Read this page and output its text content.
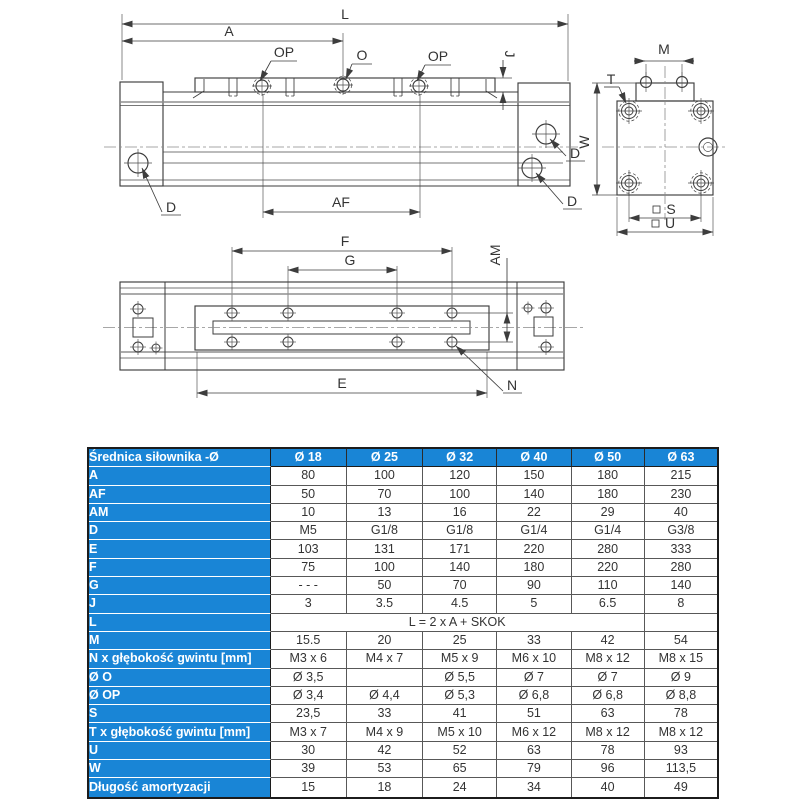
L
A
OP	O	OP	J
D
D
D
AF
M
T
W
S
U
F
G	AM
E	N
Średnica siłownika -Ø	Ø 18	Ø 25	Ø 32	Ø 40	Ø 50	Ø 63
A	80	100	120	150	180	215
AF	50	70	100	140	180	230
AM	10	13	16	22	29	40
D	M5	G1/8	G1/8	G1/4	G1/4	G3/8
E	103	131	171	220	280	333
F	75	100	140	180	220	280
G	- - -	50	70	90	110	140
J	3	3.5	4.5	5	6.5	8
L	L = 2 x A + SKOK					
M	15.5	20	25	33	42	54
N x głębokość gwintu [mm]	M3 x 6	M4 x 7	M5 x 9	M6 x 10	M8 x 12	M8 x 15
Ø O	Ø 3,5		Ø 5,5	Ø 7	Ø 7	Ø 9
Ø OP	Ø 3,4	Ø 4,4	Ø 5,3	Ø 6,8	Ø 6,8	Ø 8,8
S	23,5	33	41	51	63	78
T x głębokość gwintu [mm]	M3 x 7	M4 x 9	M5 x 10	M6 x 12	M8 x 12	M8 x 12
U	30	42	52	63	78	93
W	39	53	65	79	96	113,5
Długość amortyzacji	15	18	24	34	40	49
